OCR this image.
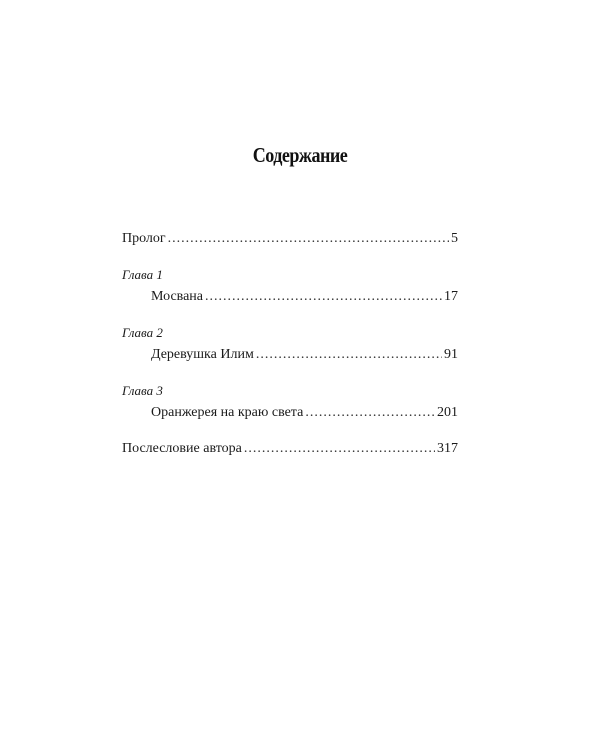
Содержание
Пролог .....	5
Глава 1
Мосвана .....	17
Глава 2
Деревушка Илим .....	91
Глава 3
Оранжерея на краю света .....	201
Послесловие автора .....	317
